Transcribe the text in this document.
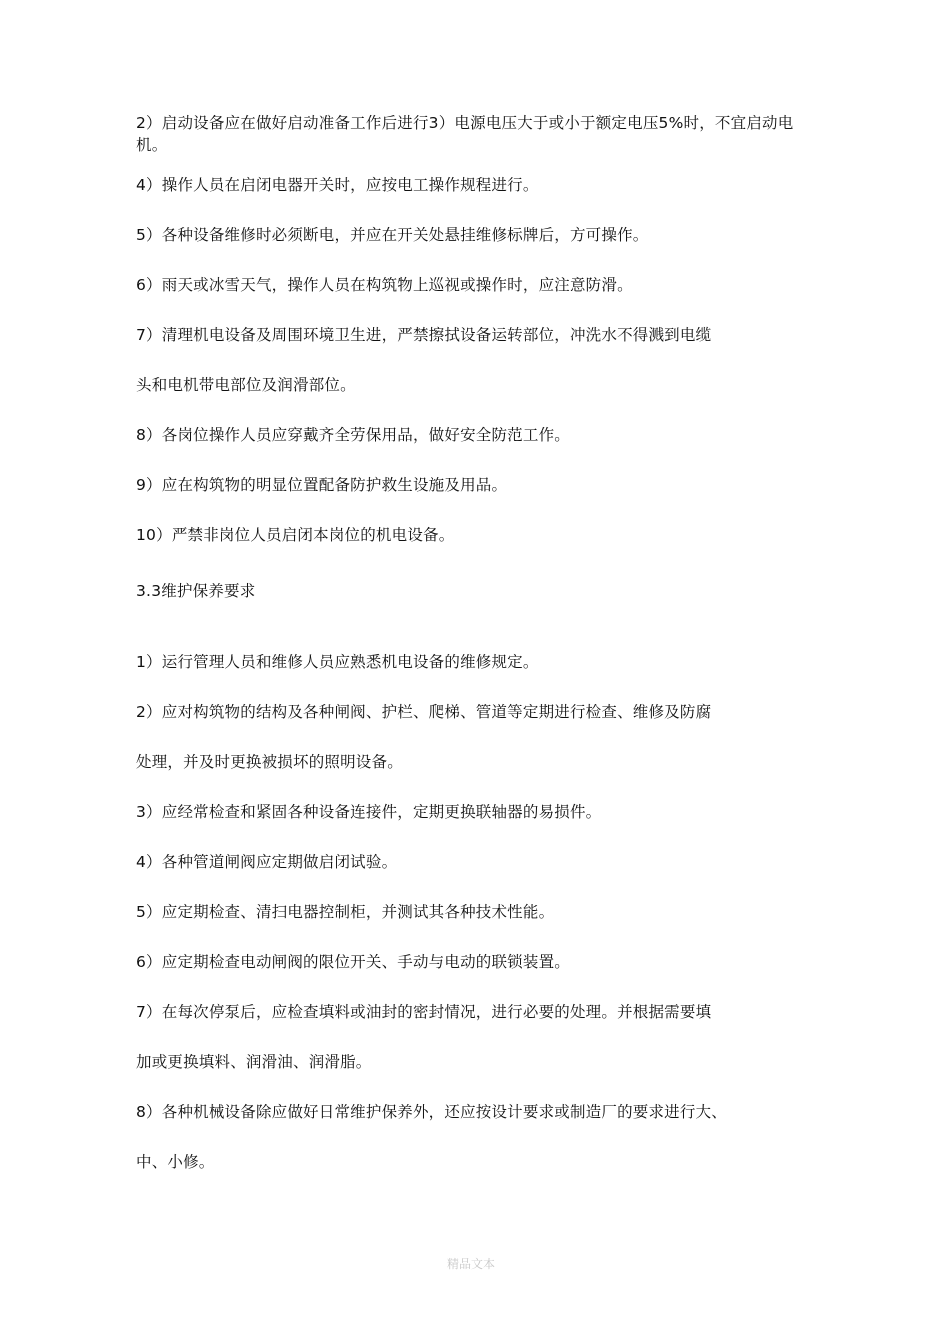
2）启动设备应在做好启动准备工作后进行3）电源电压大于或小于额定电压5%时，不宜启动电机。
4）操作人员在启闭电器开关时，应按电工操作规程进行。
5）各种设备维修时必须断电，并应在开关处悬挂维修标牌后，方可操作。
6）雨天或冰雪天气，操作人员在构筑物上巡视或操作时，应注意防滑。
7）清理机电设备及周围环境卫生进，严禁擦拭设备运转部位，冲洗水不得溅到电缆
头和电机带电部位及润滑部位。
8）各岗位操作人员应穿戴齐全劳保用品，做好安全防范工作。
9）应在构筑物的明显位置配备防护救生设施及用品。
10）严禁非岗位人员启闭本岗位的机电设备。
3.3维护保养要求
1）运行管理人员和维修人员应熟悉机电设备的维修规定。
2）应对构筑物的结构及各种闸阀、护栏、爬梯、管道等定期进行检查、维修及防腐
处理，并及时更换被损坏的照明设备。
3）应经常检查和紧固各种设备连接件，定期更换联轴器的易损件。
4）各种管道闸阀应定期做启闭试验。
5）应定期检查、清扫电器控制柜，并测试其各种技术性能。
6）应定期检查电动闸阀的限位开关、手动与电动的联锁装置。
7）在每次停泵后，应检查填料或油封的密封情况，进行必要的处理。并根据需要填
加或更换填料、润滑油、润滑脂。
8）各种机械设备除应做好日常维护保养外，还应按设计要求或制造厂的要求进行大、
中、小修。
精品文本
